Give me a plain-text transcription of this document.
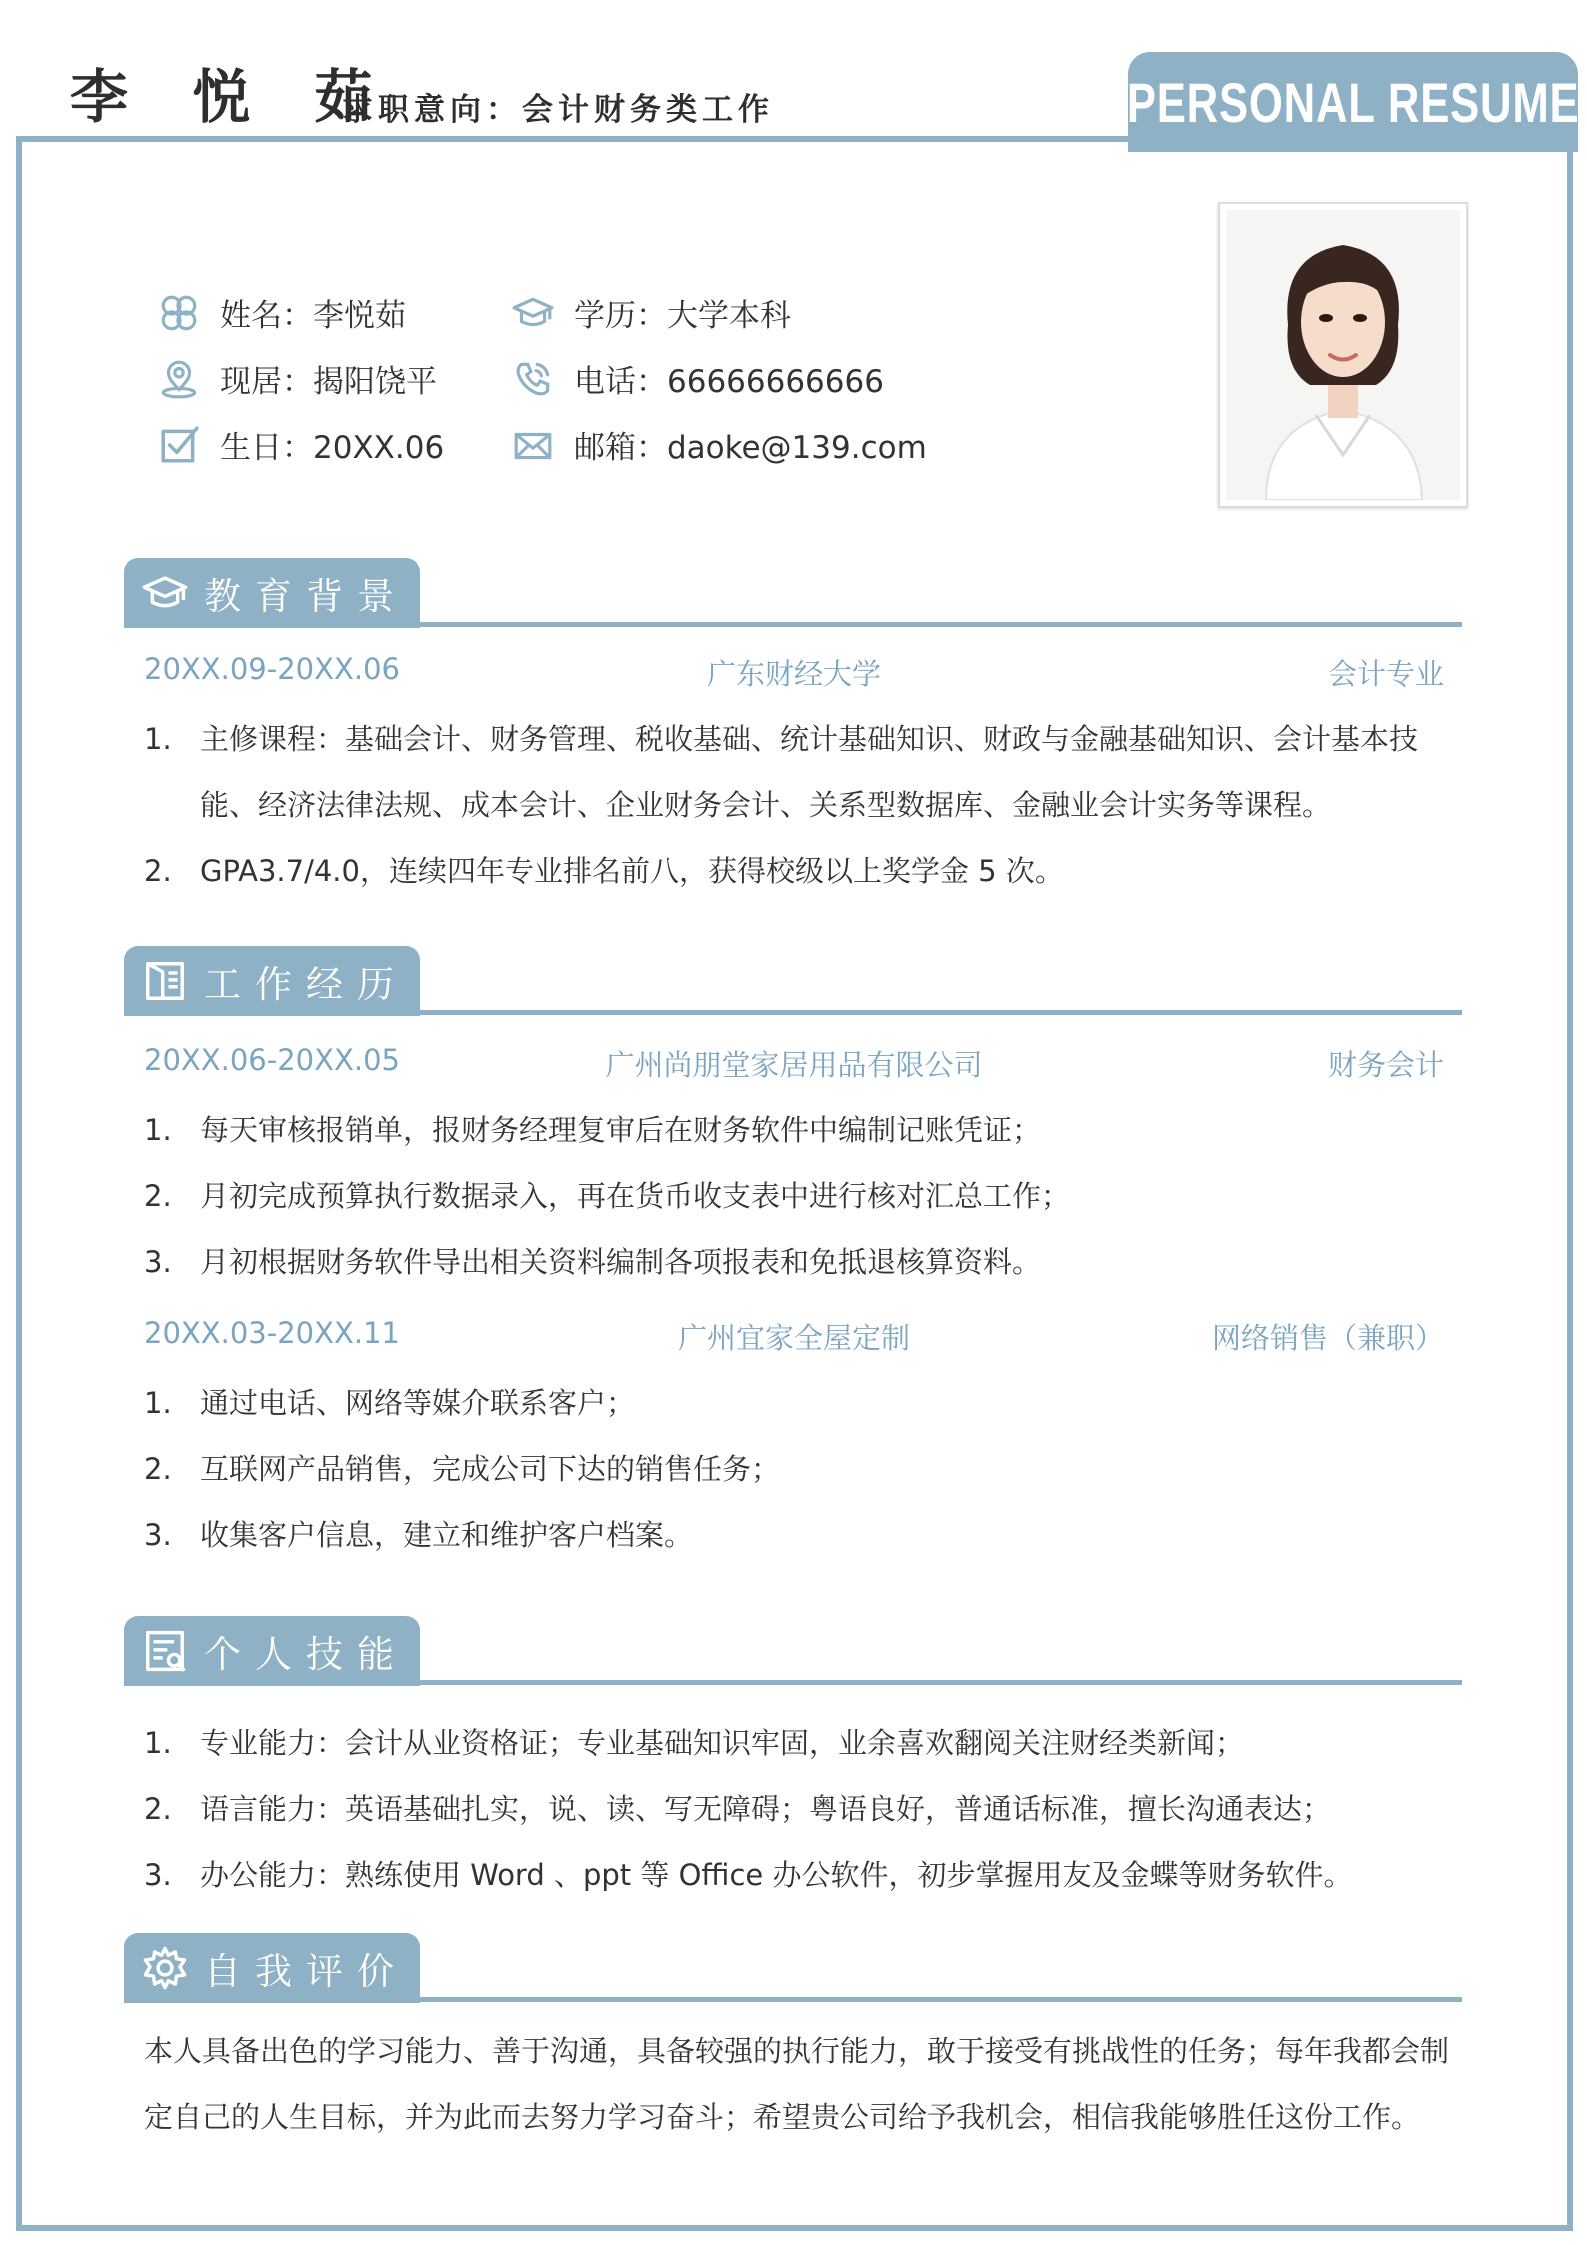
李 悦 茹
求职意向：会计财务类工作	PERSONAL RESUME
姓名：李悦茹	学历：大学本科
现居：揭阳饶平	电话：66666666666
生日：20XX.06	邮箱：daoke@139.com
教育背景
20XX.09-20XX.06	广东财经大学	会计专业
1. 主修课程：基础会计、财务管理、税收基础、统计基础知识、财政与金融基础知识、会计基本技能、经济法律法规、成本会计、企业财务会计、关系型数据库、金融业会计实务等课程。
2. GPA3.7/4.0，连续四年专业排名前八，获得校级以上奖学金 5 次。
工作经历
20XX.06-20XX.05	广州尚朋堂家居用品有限公司	财务会计
1. 每天审核报销单，报财务经理复审后在财务软件中编制记账凭证；
2. 月初完成预算执行数据录入，再在货币收支表中进行核对汇总工作；
3. 月初根据财务软件导出相关资料编制各项报表和免抵退核算资料。
20XX.03-20XX.11	广州宜家全屋定制	网络销售（兼职）
1. 通过电话、网络等媒介联系客户；
2. 互联网产品销售，完成公司下达的销售任务；
3. 收集客户信息，建立和维护客户档案。
个人技能
1. 专业能力：会计从业资格证；专业基础知识牢固，业余喜欢翻阅关注财经类新闻；
2. 语言能力：英语基础扎实，说、读、写无障碍；粤语良好，普通话标准，擅长沟通表达；
3. 办公能力：熟练使用 Word 、ppt 等 Office 办公软件，初步掌握用友及金蝶等财务软件。
自我评价
本人具备出色的学习能力、善于沟通，具备较强的执行能力，敢于接受有挑战性的任务；每年我都会制定自己的人生目标，并为此而去努力学习奋斗；希望贵公司给予我机会，相信我能够胜任这份工作。
